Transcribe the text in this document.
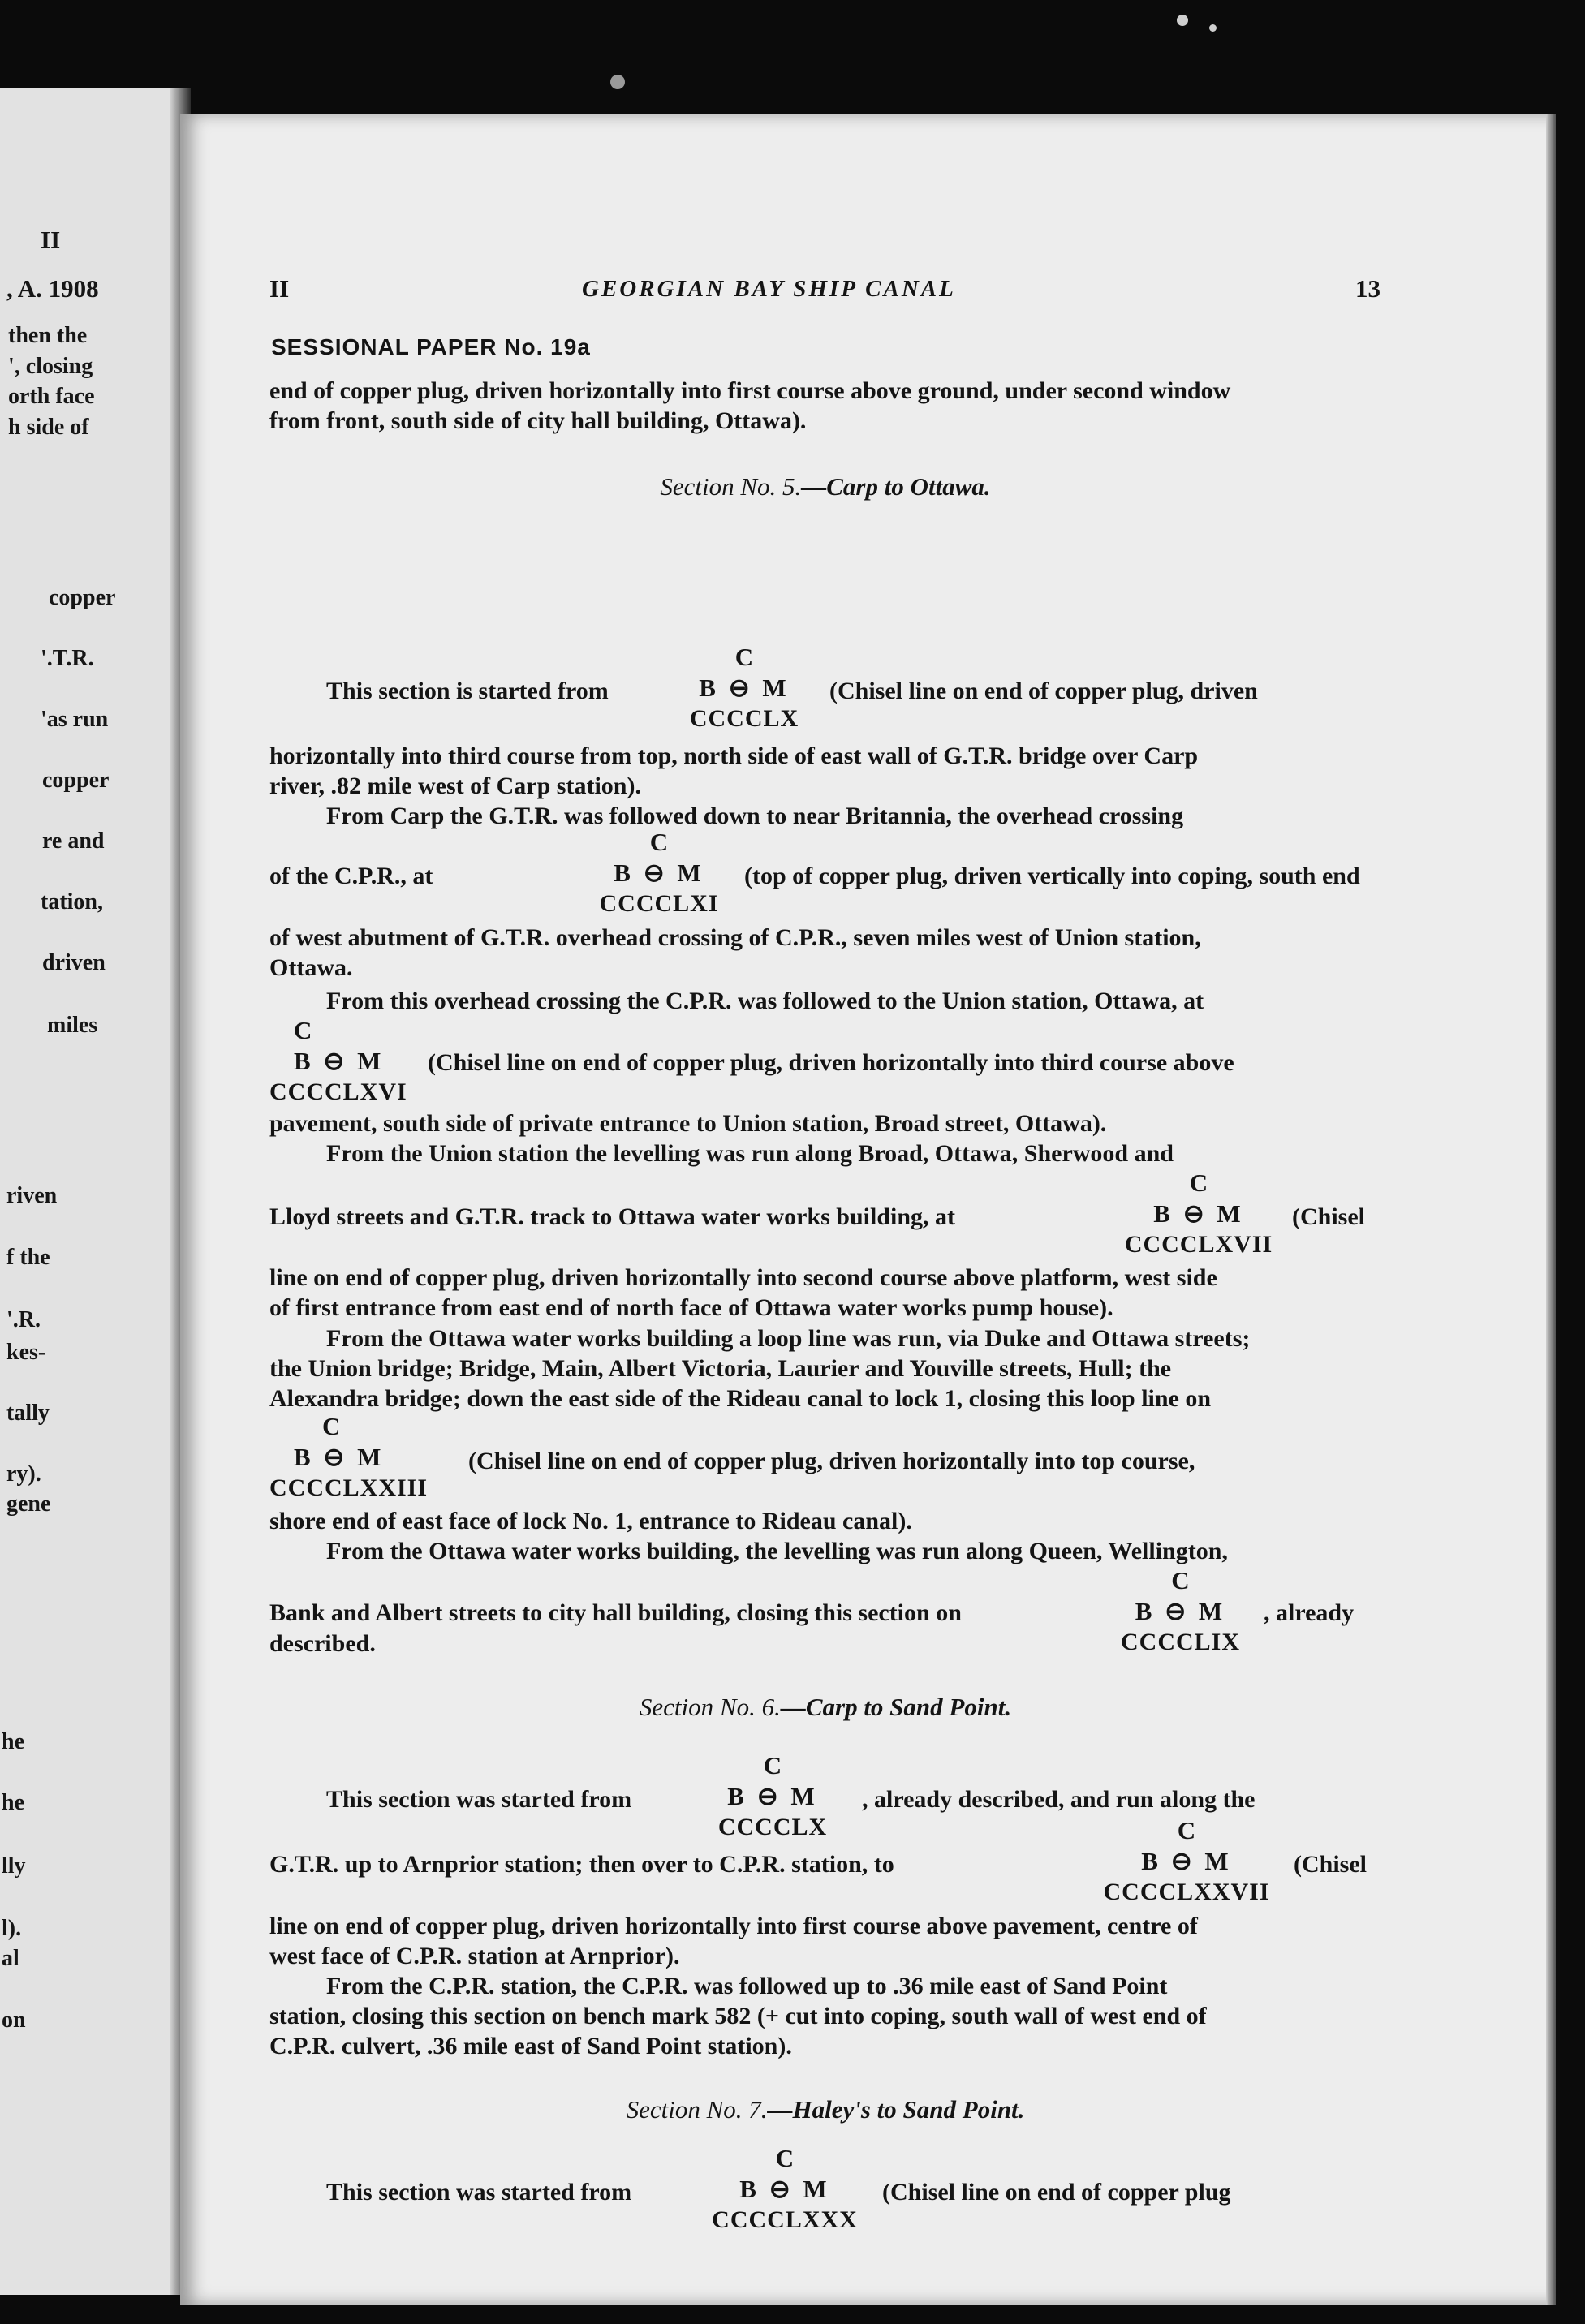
II
, A. 1908
then the
', closing
orth face
h side of
copper
'.T.R.
'as run
copper
re and
tation,
driven
miles
riven
f the
'.R.
kes-
tally
ry).
gene
he
he
lly
l).
al
on
II	GEORGIAN BAY SHIP CANAL	13
SESSIONAL PAPER No. 19a
end of copper plug, driven horizontally into first course above ground, under second window
from front, south side of city hall building, Ottawa).
Section No. 5.—Carp to Ottawa.
This section is started from	(Chisel line on end of copper plug, driven
C
B ⊖ M
CCCCLX
horizontally into third course from top, north side of east wall of G.T.R. bridge over Carp
river, .82 mile west of Carp station).
From Carp the G.T.R. was followed down to near Britannia, the overhead crossing
of the C.P.R., at	(top of copper plug, driven vertically into coping, south end
C
B ⊖ M
CCCCLXI
of west abutment of G.T.R. overhead crossing of C.P.R., seven miles west of Union station,
Ottawa.
From this overhead crossing the C.P.R. was followed to the Union station, Ottawa, at
C
B ⊖ M
CCCCLXVI
(Chisel line on end of copper plug, driven horizontally into third course above
pavement, south side of private entrance to Union station, Broad street, Ottawa).
From the Union station the levelling was run along Broad, Ottawa, Sherwood and
Lloyd streets and G.T.R. track to Ottawa water works building, at	(Chisel
C
B ⊖ M
CCCCLXVII
line on end of copper plug, driven horizontally into second course above platform, west side
of first entrance from east end of north face of Ottawa water works pump house).
From the Ottawa water works building a loop line was run, via Duke and Ottawa streets;
the Union bridge; Bridge, Main, Albert Victoria, Laurier and Youville streets, Hull; the
Alexandra bridge; down the east side of the Rideau canal to lock 1, closing this loop line on
C
B ⊖ M
CCCCLXXIII
(Chisel line on end of copper plug, driven horizontally into top course,
shore end of east face of lock No. 1, entrance to Rideau canal).
From the Ottawa water works building, the levelling was run along Queen, Wellington,
Bank and Albert streets to city hall building, closing this section on	, already
C
B ⊖ M
CCCCLIX
described.
Section No. 6.—Carp to Sand Point.
This section was started from	, already described, and run along the
C
B ⊖ M
CCCCLX
G.T.R. up to Arnprior station; then over to C.P.R. station, to	(Chisel
C
B ⊖ M
CCCCLXXVII
line on end of copper plug, driven horizontally into first course above pavement, centre of
west face of C.P.R. station at Arnprior).
From the C.P.R. station, the C.P.R. was followed up to .36 mile east of Sand Point
station, closing this section on bench mark 582 (+ cut into coping, south wall of west end of
C.P.R. culvert, .36 mile east of Sand Point station).
Section No. 7.—Haley's to Sand Point.
This section was started from	(Chisel line on end of copper plug
C
B ⊖ M
CCCCLXXX
